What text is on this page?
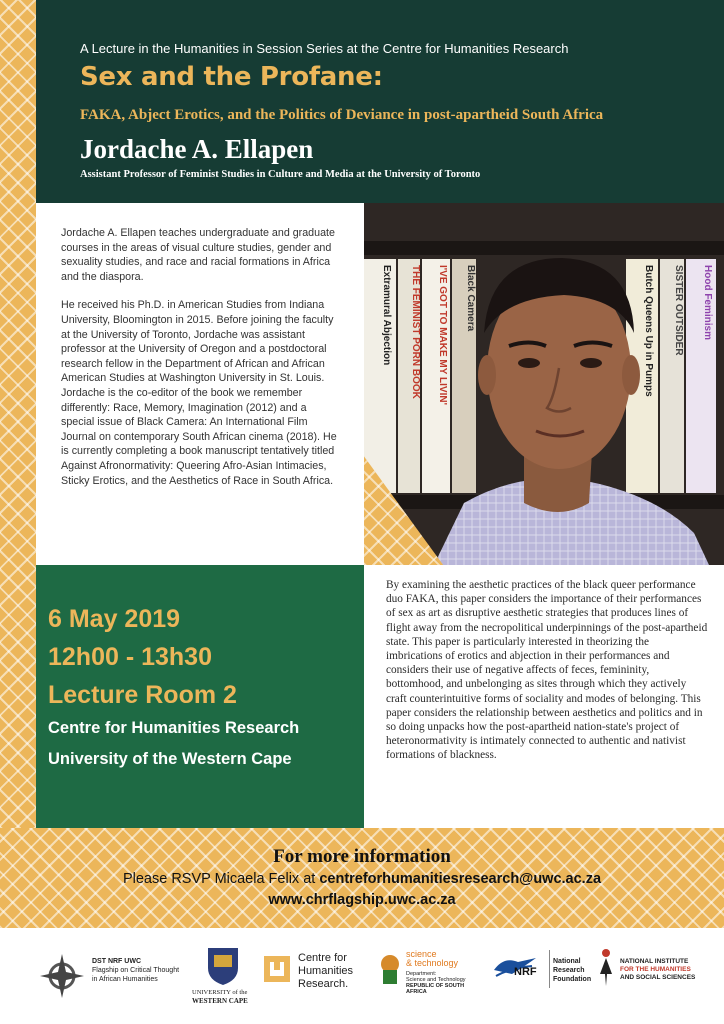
A Lecture in the Humanities in Session Series at the Centre for Humanities Research
Sex and the Profane:
FAKA, Abject Erotics, and the Politics of Deviance in post-apartheid South Africa
Jordache A. Ellapen
Assistant Professor of Feminist Studies in Culture and Media at the University of Toronto

Jordache A. Ellapen teaches undergraduate and graduate courses in the areas of visual culture studies, gender and sexuality studies, and race and racial formations in Africa and the diaspora.

He received his Ph.D. in American Studies from Indiana University, Bloomington in 2015. Before joining the faculty at the University of Toronto, Jordache was assistant professor at the University of Oregon and a postdoctoral research fellow in the Department of African and African American Studies at Washington University in St. Louis. Jordache is the co-editor of the book we remember differently: Race, Memory, Imagination (2012) and a special issue of Black Camera: An International Film Journal on contemporary South African cinema (2018). He is currently completing a book manuscript tentatively titled Against Afronormativity: Queering Afro-Asian Intimacies, Sticky Erotics, and the Aesthetics of Race in South Africa.

Extramural Abjection THE FEMINIST PORN BOOK I'VE GOT TO MAKE MY LIVIN' Black Camera	Butch Queens Up in Pumps SISTER OUTSIDER Hood Feminism
6 May 2019
12h00 - 13h30
Lecture Room 2
Centre for Humanities Research
University of the Western Cape

By examining the aesthetic practices of the black queer performance duo FAKA, this paper considers the importance of their performances of sex as art as disruptive aesthetic strategies that produces lines of flight away from the necropolitical underpinnings of the post-apartheid state. This paper is particularly interested in theorizing the imbrications of erotics and abjection in their performances and considers their use of negative affects of feces, femininity, bottomhood, and unbelonging as sites through which they actively craft counterintuitive forms of sociality and modes of belonging. This paper considers the relationship between aesthetics and politics and in so doing unpacks how the post-apartheid nation-state's project of heteronormativity is intimately connected to authentic and nativist formations of blackness.

For more information
Please RSVP Micaela Felix at centreforhumanitiesresearch@uwc.ac.za
www.chrflagship.uwc.ac.za
DST NRF UWC
Flagship on Critical Thought
in African Humanities
UNIVERSITY of the
WESTERN CAPE
Centre for
Humanities
Research.
science
& technology
Department:
Science and Technology
REPUBLIC OF SOUTH AFRICA
NRF
National
Research
Foundation
NATIONAL INSTITUTE
FOR THE HUMANITIES
AND SOCIAL SCIENCES
